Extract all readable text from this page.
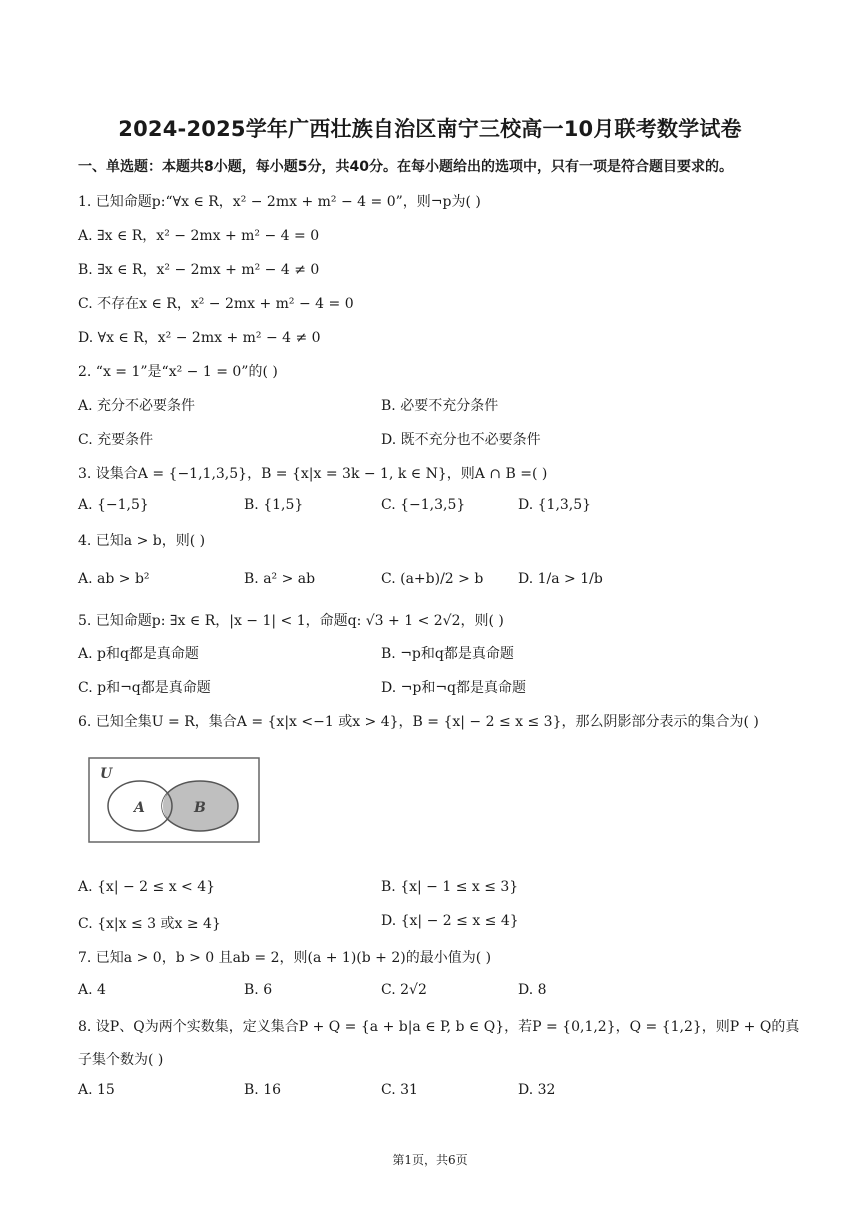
2024-2025学年广西壮族自治区南宁三校高一10月联考数学试卷
一、单选题：本题共8小题，每小题5分，共40分。在每小题给出的选项中，只有一项是符合题目要求的。
1. 已知命题p:“∀x ∈ R，x² − 2mx + m² − 4 = 0”，则¬p为( )
A. ∃x ∈ R，x² − 2mx + m² − 4 = 0
B. ∃x ∈ R，x² − 2mx + m² − 4 ≠ 0
C. 不存在x ∈ R，x² − 2mx + m² − 4 = 0
D. ∀x ∈ R，x² − 2mx + m² − 4 ≠ 0
2. “x = 1”是“x² − 1 = 0”的( )
A. 充分不必要条件	B. 必要不充分条件
C. 充要条件	D. 既不充分也不必要条件
3. 设集合A = {−1,1,3,5}，B = {x|x = 3k − 1, k ∈ N}，则A ∩ B =( )
A. {−1,5}	B. {1,5}	C. {−1,3,5}	D. {1,3,5}
4. 已知a > b，则( )
A. ab > b²	B. a² > ab	C. (a+b)/2 > b D. 1/a > 1/b
5. 已知命题p: ∃x ∈ R，|x − 1| < 1，命题q: √3 + 1 < 2√2，则( )
A. p和q都是真命题	B. ¬p和q都是真命题
C. p和¬q都是真命题	D. ¬p和¬q都是真命题
6. 已知全集U = R，集合A = {x|x <−1 或x > 4}，B = {x| − 2 ≤ x ≤ 3}，那么阴影部分表示的集合为( )
U
A	B
A. {x| − 2 ≤ x < 4}	B. {x| − 1 ≤ x ≤ 3}
C. {x|x ≤ 3 或x ≥ 4}	D. {x| − 2 ≤ x ≤ 4}
7. 已知a > 0，b > 0 且ab = 2，则(a + 1)(b + 2)的最小值为( )
A. 4	B. 6	C. 2√2	D. 8
8. 设P、Q为两个实数集，定义集合P + Q = {a + b|a ∈ P, b ∈ Q}，若P = {0,1,2}，Q = {1,2}，则P + Q的真
子集个数为( )
A. 15	B. 16	C. 31	D. 32
第1页，共6页
